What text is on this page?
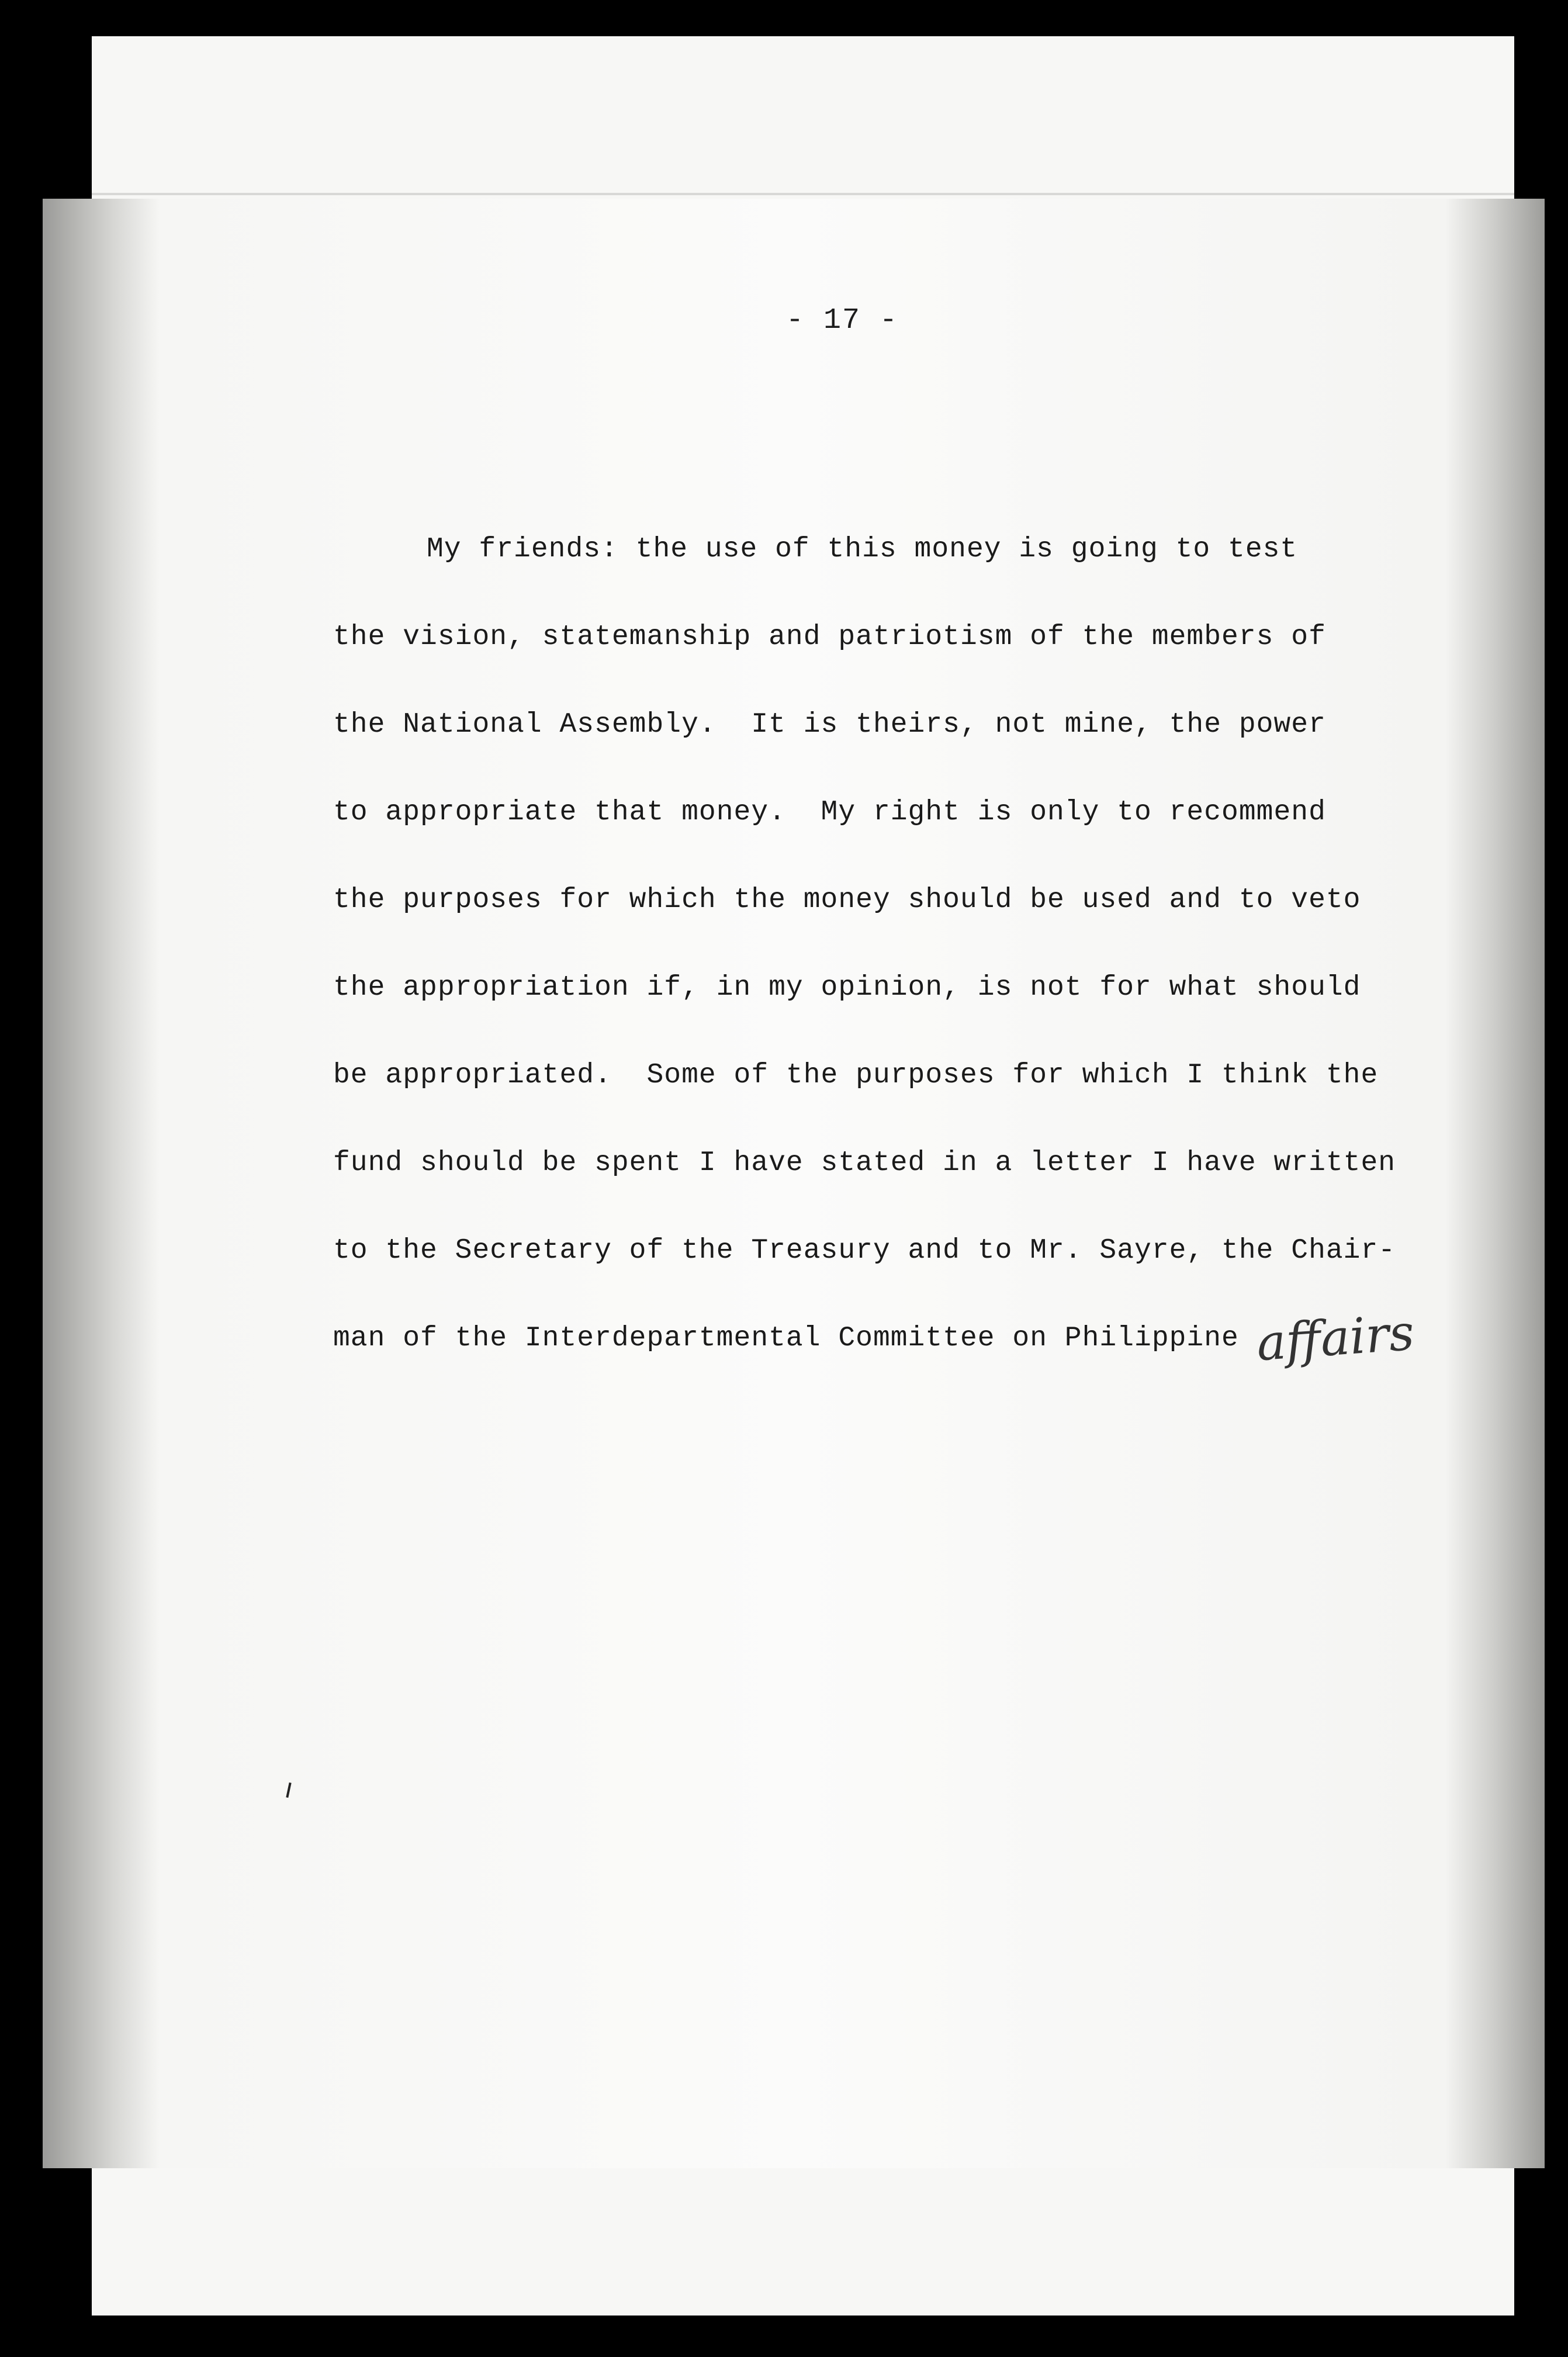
- 17 -
My friends: the use of this money is going to test
the vision, statemanship and patriotism of the members of
the National Assembly.  It is theirs, not mine, the power
to appropriate that money.  My right is only to recommend
the purposes for which the money should be used and to veto
the appropriation if, in my opinion, is not for what should
be appropriated.  Some of the purposes for which I think the
fund should be spent I have stated in a letter I have written
to the Secretary of the Treasury and to Mr. Sayre, the Chair-
man of the Interdepartmental Committee on Philippine affairs
